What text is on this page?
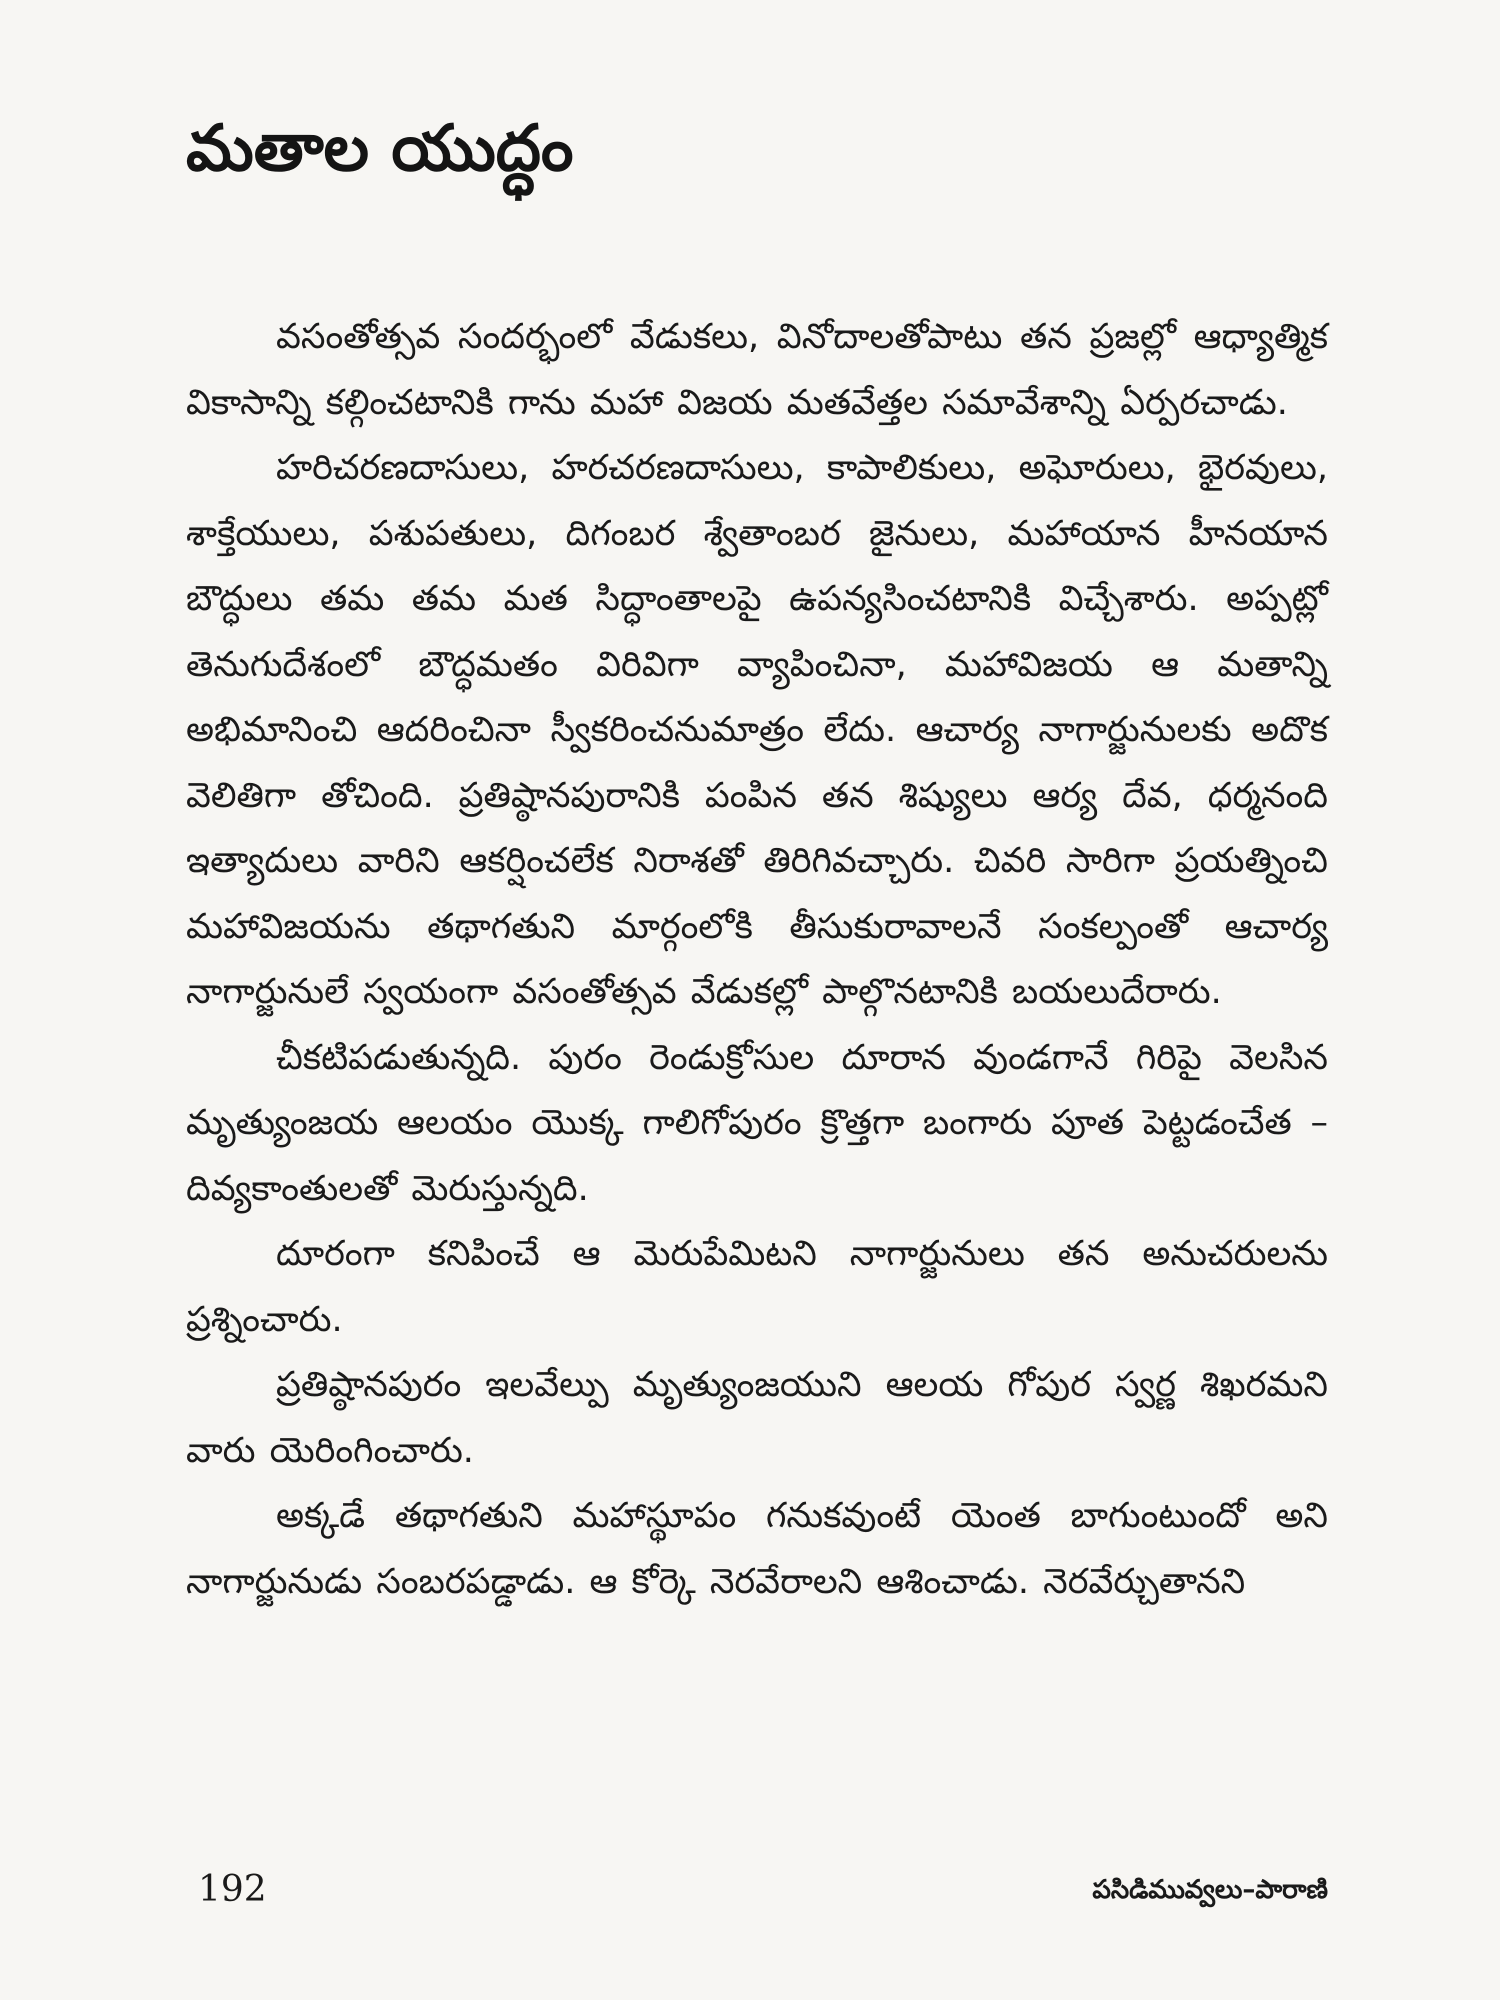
మతాల యుద్ధం

వసంతోత్సవ సందర్భంలో వేడుకలు, వినోదాలతోపాటు తన ప్రజల్లో ఆధ్యాత్మిక వికాసాన్ని కల్గించటానికి గాను మహా విజయ మతవేత్తల సమావేశాన్ని ఏర్పరచాడు.

హరిచరణదాసులు, హరచరణదాసులు, కాపాలికులు, అఘోరులు, భైరవులు, శాక్తేయులు, పశుపతులు, దిగంబర శ్వేతాంబర జైనులు, మహాయాన హీనయాన బౌద్ధులు తమ తమ మత సిద్ధాంతాలపై ఉపన్యసించటానికి విచ్చేశారు. అప్పట్లో తెనుగుదేశంలో బౌద్ధమతం విరివిగా వ్యాపించినా, మహావిజయ ఆ మతాన్ని అభిమానించి ఆదరించినా స్వీకరించనుమాత్రం లేదు. ఆచార్య నాగార్జునులకు అదొక వెలితిగా తోచింది. ప్రతిష్ఠానపురానికి పంపిన తన శిష్యులు ఆర్య దేవ, ధర్మనంది ఇత్యాదులు వారిని ఆకర్షించలేక నిరాశతో తిరిగివచ్చారు. చివరి సారిగా ప్రయత్నించి మహావిజయను తథాగతుని మార్గంలోకి తీసుకురావాలనే సంకల్పంతో ఆచార్య నాగార్జునులే స్వయంగా వసంతోత్సవ వేడుకల్లో పాల్గొనటానికి బయలుదేరారు.

చీకటిపడుతున్నది. పురం రెండుక్రోసుల దూరాన వుండగానే గిరిపై వెలసిన మృత్యుంజయ ఆలయం యొక్క గాలిగోపురం క్రొత్తగా బంగారు పూత పెట్టడంచేత – దివ్యకాంతులతో మెరుస్తున్నది.

దూరంగా కనిపించే ఆ మెరుపేమిటని నాగార్జునులు తన అనుచరులను ప్రశ్నించారు.

ప్రతిష్ఠానపురం ఇలవేల్పు మృత్యుంజయుని ఆలయ గోపుర స్వర్ణ శిఖరమని వారు యెరింగించారు.

అక్కడే తథాగతుని మహాస్థూపం గనుకవుంటే యెంత బాగుంటుందో అని నాగార్జునుడు సంబరపడ్డాడు. ఆ కోర్కె నెరవేరాలని ఆశించాడు. నెరవేర్చుతానని

192	పసిడిమువ్వలు–పారాణి
